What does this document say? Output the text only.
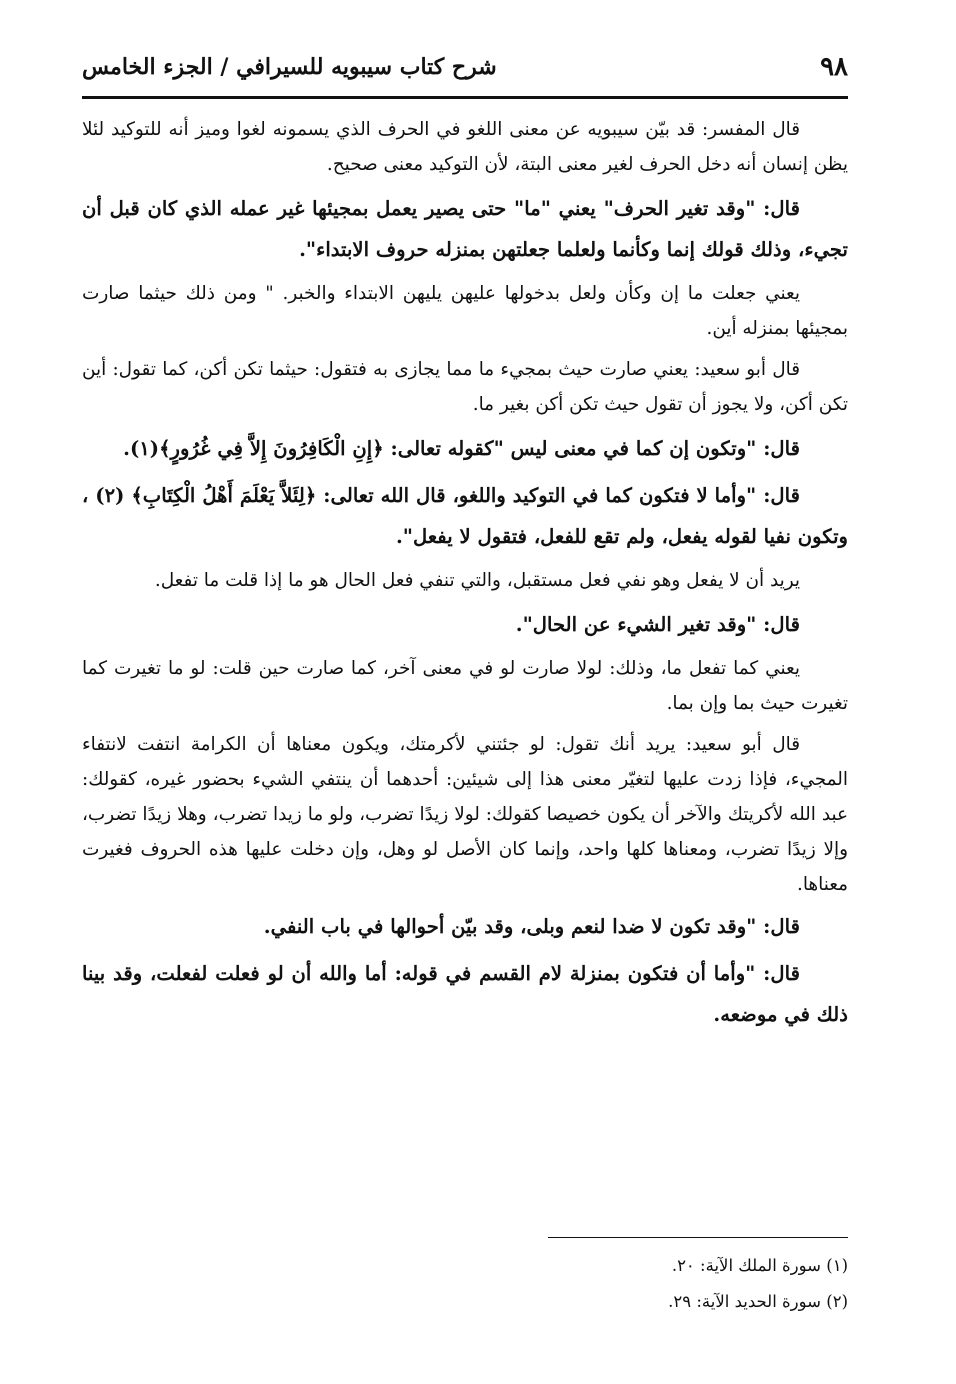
٩٨
شرح كتاب سيبويه للسيرافي / الجزء الخامس

قال المفسر: قد بيّن سيبويه عن معنى اللغو في الحرف الذي يسمونه لغوا وميز أنه للتوكيد لئلا يظن إنسان أنه دخل الحرف لغير معنى البتة، لأن التوكيد معنى صحيح.

قال: "وقد تغير الحرف" يعني "ما" حتى يصير يعمل بمجيئها غير عمله الذي كان قبل أن تجيء، وذلك قولك إنما وكأنما ولعلما جعلتهن بمنزله حروف الابتداء".

يعني جعلت ما إن وكأن ولعل بدخولها عليهن يليهن الابتداء والخبر. " ومن ذلك حيثما صارت بمجيئها بمنزله أين.

قال أبو سعيد: يعني صارت حيث بمجيء ما مما يجازى به فتقول: حيثما تكن أكن، كما تقول: أين تكن أكن، ولا يجوز أن تقول حيث تكن أكن بغير ما.

قال: "وتكون إن كما في معنى ليس "كقوله تعالى: ﴿إِنِ الْكَافِرُونَ إِلاَّ فِي غُرُورٍ﴾(١).

قال: "وأما لا فتكون كما في التوكيد واللغو، قال الله تعالى: ﴿لِئَلاَّ يَعْلَمَ أَهْلُ الْكِتَابِ﴾ (٢) ، وتكون نفيا لقوله يفعل، ولم تقع للفعل، فتقول لا يفعل".

يريد أن لا يفعل وهو نفي فعل مستقبل، والتي تنفي فعل الحال هو ما إذا قلت ما تفعل.

قال: "وقد تغير الشيء عن الحال".

يعني كما تفعل ما، وذلك: لولا صارت لو في معنى آخر، كما صارت حين قلت: لو ما تغيرت كما تغيرت حيث بما وإن بما.

قال أبو سعيد: يريد أنك تقول: لو جئتني لأكرمتك، ويكون معناها أن الكرامة انتفت لانتفاء المجيء، فإذا زدت عليها لتغيّر معنى هذا إلى شيئين: أحدهما أن ينتفي الشيء بحضور غيره، كقولك: عبد الله لأكريتك والآخر أن يكون خصيصا كقولك: لولا زيدًا تضرب، ولو ما زيدا تضرب، وهلا زيدًا تضرب، وإلا زيدًا تضرب، ومعناها كلها واحد، وإنما كان الأصل لو وهل، وإن دخلت عليها هذه الحروف فغيرت معناها.

قال: "وقد تكون لا ضدا لنعم وبلى، وقد بيّن أحوالها في باب النفي.

قال: "وأما أن فتكون بمنزلة لام القسم في قوله: أما والله أن لو فعلت لفعلت، وقد بينا ذلك في موضعه.

(١) سورة الملك الآية: ٢٠.

(٢) سورة الحديد الآية: ٢٩.
